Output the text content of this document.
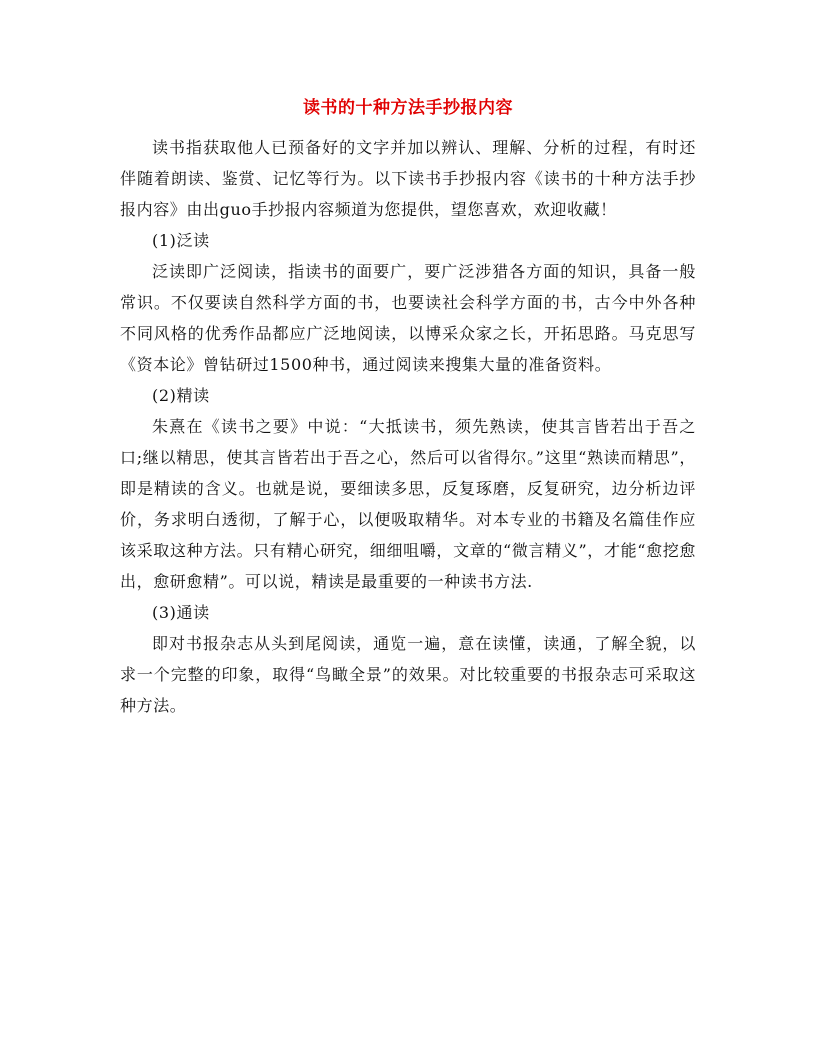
读书的十种方法手抄报内容

读书指获取他人已预备好的文字并加以辨认、理解、分析的过程，有时还伴随着朗读、鉴赏、记忆等行为。以下读书手抄报内容《读书的十种方法手抄报内容》由出guo手抄报内容频道为您提供，望您喜欢，欢迎收藏！

(1)泛读

泛读即广泛阅读，指读书的面要广，要广泛涉猎各方面的知识，具备一般常识。不仅要读自然科学方面的书，也要读社会科学方面的书，古今中外各种不同风格的优秀作品都应广泛地阅读，以博采众家之长，开拓思路。马克思写《资本论》曾钻研过1500种书，通过阅读来搜集大量的准备资料。

(2)精读

朱熹在《读书之要》中说：“大抵读书，须先熟读，使其言皆若出于吾之口;继以精思，使其言皆若出于吾之心，然后可以省得尔。”这里“熟读而精思”，即是精读的含义。也就是说，要细读多思，反复琢磨，反复研究，边分析边评价，务求明白透彻，了解于心，以便吸取精华。对本专业的书籍及名篇佳作应该采取这种方法。只有精心研究，细细咀嚼，文章的“微言精义”，才能“愈挖愈出，愈研愈精”。可以说，精读是最重要的一种读书方法.

(3)通读

即对书报杂志从头到尾阅读，通览一遍，意在读懂，读通，了解全貌，以求一个完整的印象，取得“鸟瞰全景”的效果。对比较重要的书报杂志可采取这种方法。
